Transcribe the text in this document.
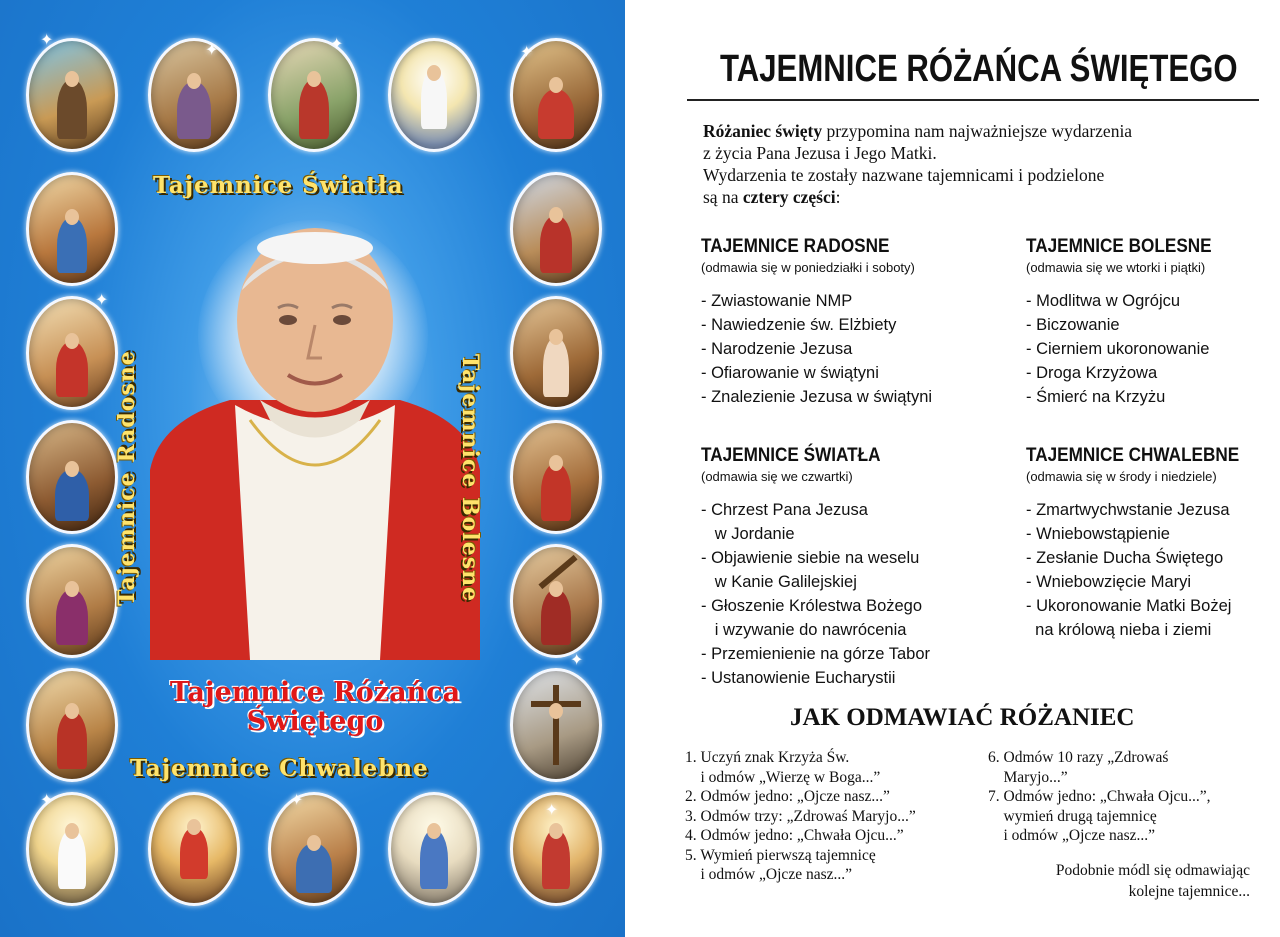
✦
✦	✦	✦
✦
✦
✦	✦
✦
Tajemnice Światła
Tajemnice Radosne	Tajemnice Bolesne
Tajemnice Różańca
Świętego
Tajemnice Chwalebne
TAJEMNICE RÓŻAŃCA ŚWIĘTEGO
Różaniec święty przypomina nam najważniejsze wydarzenia
z życia Pana Jezusa i Jego Matki.
Wydarzenia te zostały nazwane tajemnicami i podzielone
są na cztery części:
TAJEMNICE RADOSNE
(odmawia się w poniedziałki i soboty)
- Zwiastowanie NMP
- Nawiedzenie św. Elżbiety
- Narodzenie Jezusa
- Ofiarowanie w świątyni
- Znalezienie Jezusa w świątyni
TAJEMNICE BOLESNE
(odmawia się we wtorki i piątki)
- Modlitwa w Ogrójcu
- Biczowanie
- Cierniem ukoronowanie
- Droga Krzyżowa
- Śmierć na Krzyżu
TAJEMNICE ŚWIATŁA
(odmawia się we czwartki)
- Chrzest Pana Jezusa
w Jordanie
- Objawienie siebie na weselu
w Kanie Galilejskiej
- Głoszenie Królestwa Bożego
i wzywanie do nawrócenia
- Przemienienie na górze Tabor
- Ustanowienie Eucharystii
TAJEMNICE CHWALEBNE
(odmawia się w środy i niedziele)
- Zmartwychwstanie Jezusa
- Wniebowstąpienie
- Zesłanie Ducha Świętego
- Wniebowzięcie Maryi
- Ukoronowanie Matki Bożej
na królową nieba i ziemi
JAK ODMAWIAĆ RÓŻANIEC
1. Uczyń znak Krzyża Św.
i odmów „Wierzę w Boga...”
2. Odmów jedno: „Ojcze nasz...”
3. Odmów trzy: „Zdrowaś Maryjo...”
4. Odmów jedno: „Chwała Ojcu...”
5. Wymień pierwszą tajemnicę
i odmów „Ojcze nasz...”
6. Odmów 10 razy „Zdrowaś
Maryjo...”
7. Odmów jedno: „Chwała Ojcu...”,
wymień drugą tajemnicę
i odmów „Ojcze nasz...”
Podobnie módl się odmawiając
kolejne tajemnice...
